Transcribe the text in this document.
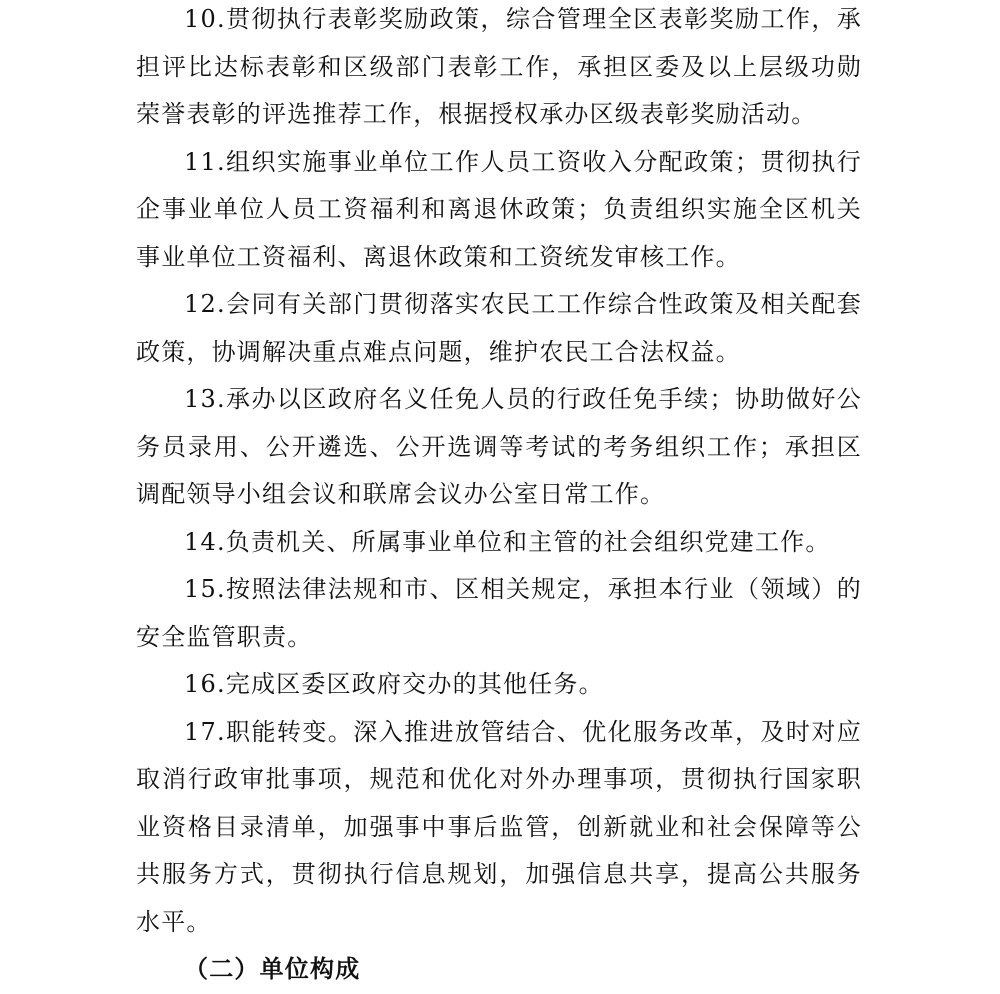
10.贯彻执行表彰奖励政策，综合管理全区表彰奖励工作，承担评比达标表彰和区级部门表彰工作，承担区委及以上层级功勋荣誉表彰的评选推荐工作，根据授权承办区级表彰奖励活动。

11.组织实施事业单位工作人员工资收入分配政策；贯彻执行企事业单位人员工资福利和离退休政策；负责组织实施全区机关事业单位工资福利、离退休政策和工资统发审核工作。

12.会同有关部门贯彻落实农民工工作综合性政策及相关配套政策，协调解决重点难点问题，维护农民工合法权益。

13.承办以区政府名义任免人员的行政任免手续；协助做好公务员录用、公开遴选、公开选调等考试的考务组织工作；承担区调配领导小组会议和联席会议办公室日常工作。

14.负责机关、所属事业单位和主管的社会组织党建工作。

15.按照法律法规和市、区相关规定，承担本行业（领域）的安全监管职责。

16.完成区委区政府交办的其他任务。

17.职能转变。深入推进放管结合、优化服务改革，及时对应取消行政审批事项，规范和优化对外办理事项，贯彻执行国家职业资格目录清单，加强事中事后监管，创新就业和社会保障等公共服务方式，贯彻执行信息规划，加强信息共享，提高公共服务水平。

（二）单位构成
